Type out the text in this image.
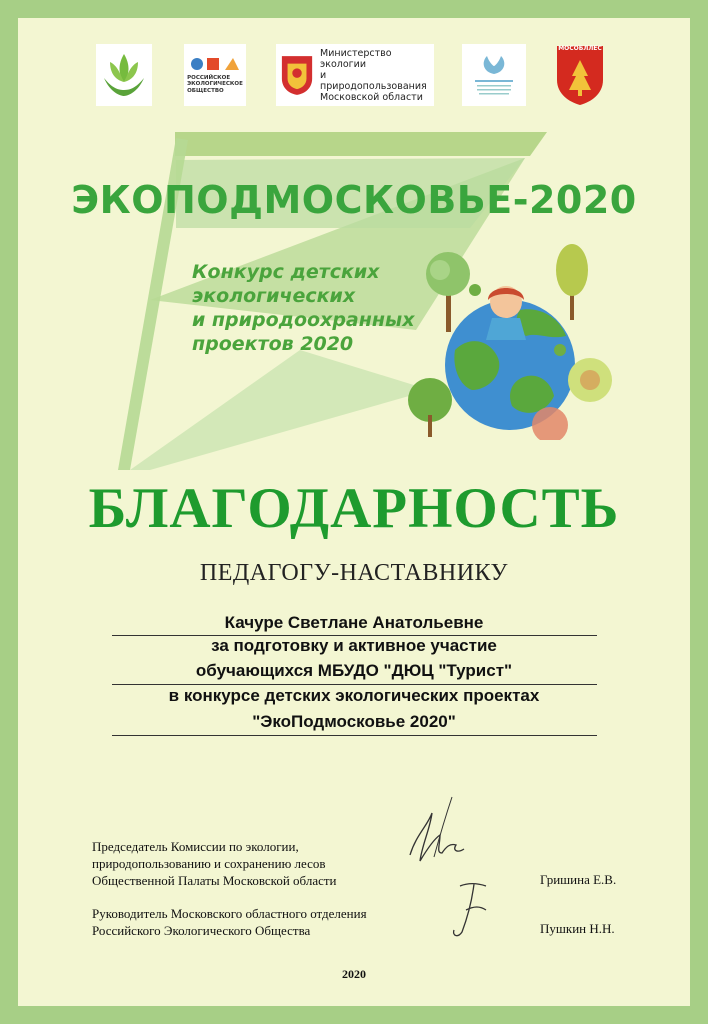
РОССИЙСКОЕ
ЭКОЛОГИЧЕСКОЕ
ОБЩЕСТВО
Министерство экологии
и природопользования
Московской области
МОСОБЛЛЕС
ЭКОПОДМОСКОВЬЕ-2020
Конкурс детских
экологических
и природоохранных
проектов 2020
БЛАГОДАРНОСТЬ
ПЕДАГОГУ-НАСТАВНИКУ
Качуре Светлане Анатольевне
за подготовку и активное участие
обучающихся МБУДО "ДЮЦ "Турист"
в конкурсе детских экологических проектах
"ЭкоПодмосковье 2020"
Председатель Комиссии по экологии,
природопользованию и сохранению лесов
Общественной Палаты Московской области	Гришина Е.В.
Руководитель Московского областного отделения
Российского Экологического Общества	Пушкин Н.Н.
2020
